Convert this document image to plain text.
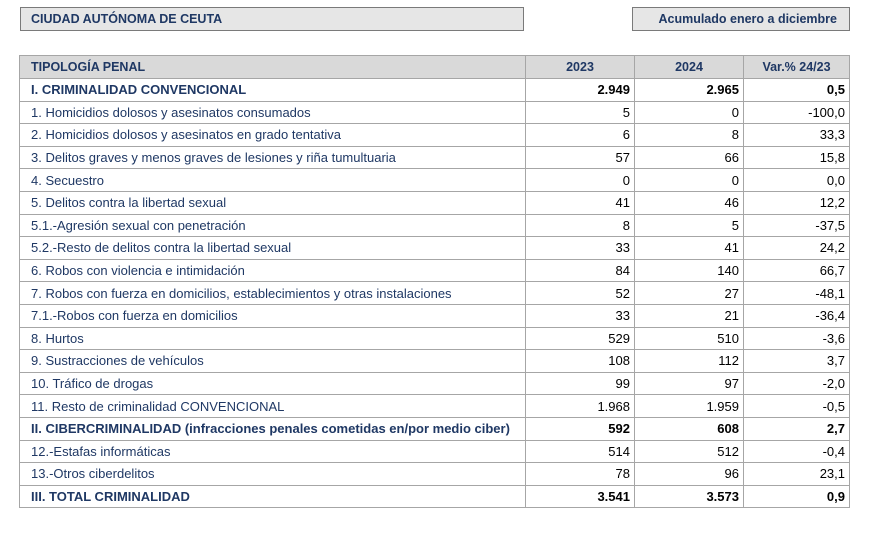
CIUDAD AUTÓNOMA DE CEUTA	Acumulado enero a diciembre
TIPOLOGÍA PENAL	2023	2024	Var.% 24/23
I. CRIMINALIDAD CONVENCIONAL	2.949	2.965	0,5
1. Homicidios dolosos y asesinatos consumados	5	0	-100,0
2. Homicidios dolosos y asesinatos en grado tentativa	6	8	33,3
3. Delitos graves y menos graves de lesiones y riña tumultuaria	57	66	15,8
4. Secuestro	0	0	0,0
5. Delitos contra la libertad sexual	41	46	12,2
5.1.-Agresión sexual con penetración	8	5	-37,5
5.2.-Resto de delitos contra la libertad sexual	33	41	24,2
6. Robos con violencia e intimidación	84	140	66,7
7. Robos con fuerza en domicilios, establecimientos y otras instalaciones	52	27	-48,1
7.1.-Robos con fuerza en domicilios	33	21	-36,4
8. Hurtos	529	510	-3,6
9. Sustracciones de vehículos	108	112	3,7
10. Tráfico de drogas	99	97	-2,0
11. Resto de criminalidad CONVENCIONAL	1.968	1.959	-0,5
II. CIBERCRIMINALIDAD (infracciones penales cometidas en/por medio ciber)	592	608	2,7
12.-Estafas informáticas	514	512	-0,4
13.-Otros ciberdelitos	78	96	23,1
III. TOTAL CRIMINALIDAD	3.541	3.573	0,9
